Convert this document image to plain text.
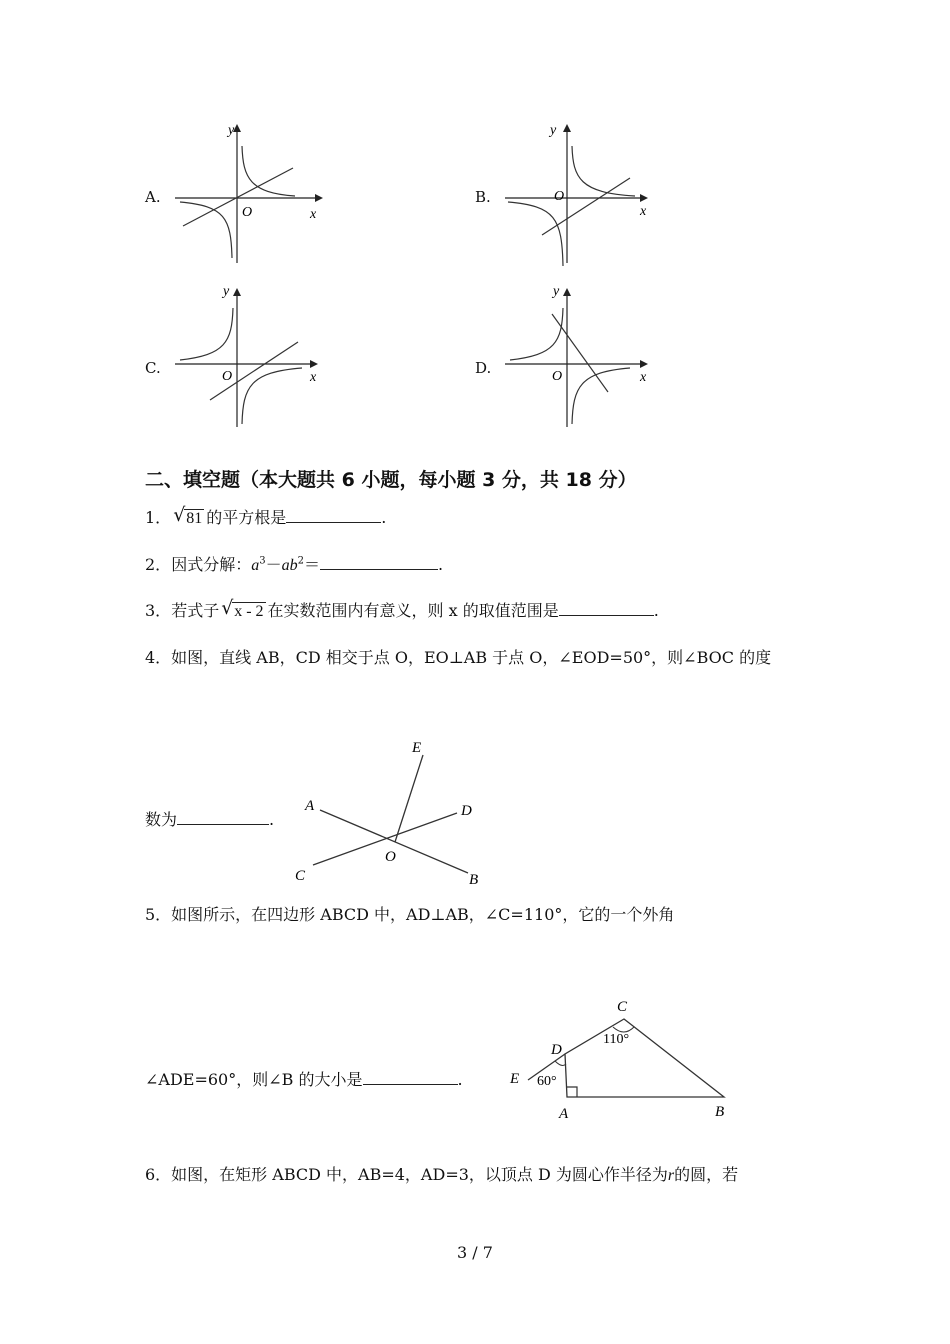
A.	B.
C.	D.
y
x
O
y
x
O
y
x
O
y
x
O
二、填空题（本大题共 6 小题，每小题 3 分，共 18 分）
1． √ 81 的平方根是	.
2．因式分解：$a^3-ab^2=$	.
3．若式子 √ x - 2 在实数范围内有意义，则 x 的取值范围是	.
4．如图，直线 AB，CD 相交于点 O，EO⊥AB 于点 O，∠EOD=50°，则∠BOC 的度
数为	.
A
B
C
D
E
O
5．如图所示，在四边形 ABCD 中，AD⊥AB，∠C=110°，它的一个外角
∠ADE=60°，则∠B 的大小是	.
C
D
E
A	B
110°
60°
6．如图，在矩形 ABCD 中，AB=4，AD=3，以顶点 D 为圆心作半径为r的圆，若
3 / 7
